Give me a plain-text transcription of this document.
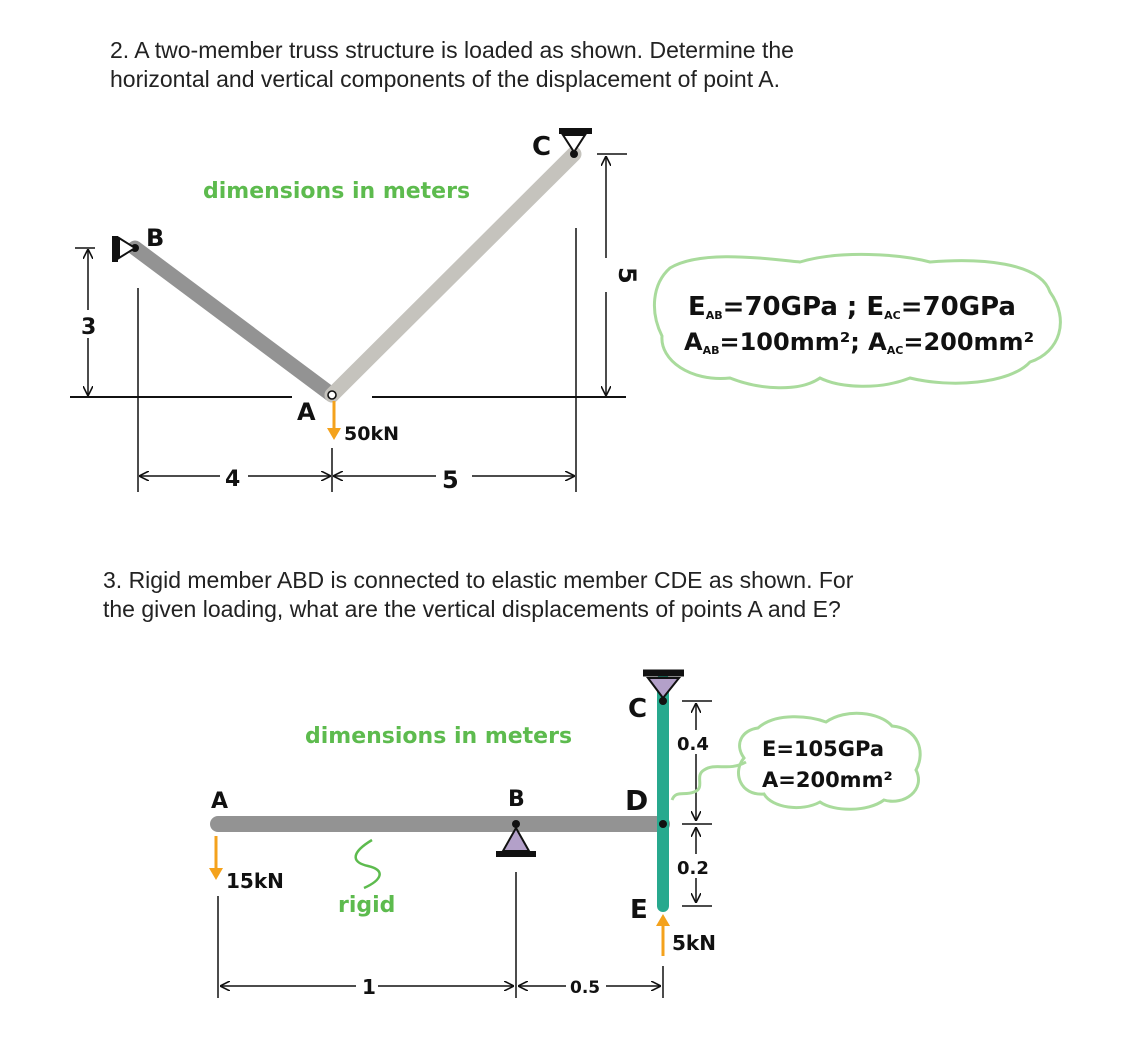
2. A two-member truss structure is loaded as shown. Determine the
horizontal and vertical components of the displacement of point A.
3. Rigid member ABD is connected to elastic member CDE as shown. For
the given loading, what are the vertical displacements of points A and E?
B
A
C
dimensions in meters
50kN
3
5
4	5
EAB=70GPa ; EAC=70GPa
AAB=100mm²; AAC=200mm²
A	B
C
D
E
dimensions in meters
rigid
15kN
5kN
0.4
0.2
1	0.5
E=105GPa
A=200mm²
